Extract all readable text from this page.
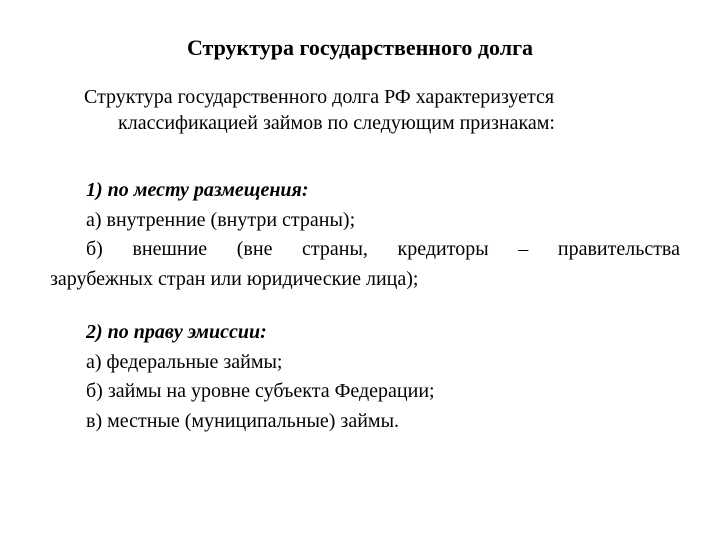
Структура государственного долга
Структура государственного долга РФ характеризуется
классификацией займов по следующим признакам:
1) по месту размещения:
а) внутренние (внутри страны);
б) внешние (вне страны, кредиторы – правительства
зарубежных стран или юридические лица);
2) по праву эмиссии:
а) федеральные займы;
б) займы на уровне субъекта Федерации;
в) местные (муниципальные) займы.
